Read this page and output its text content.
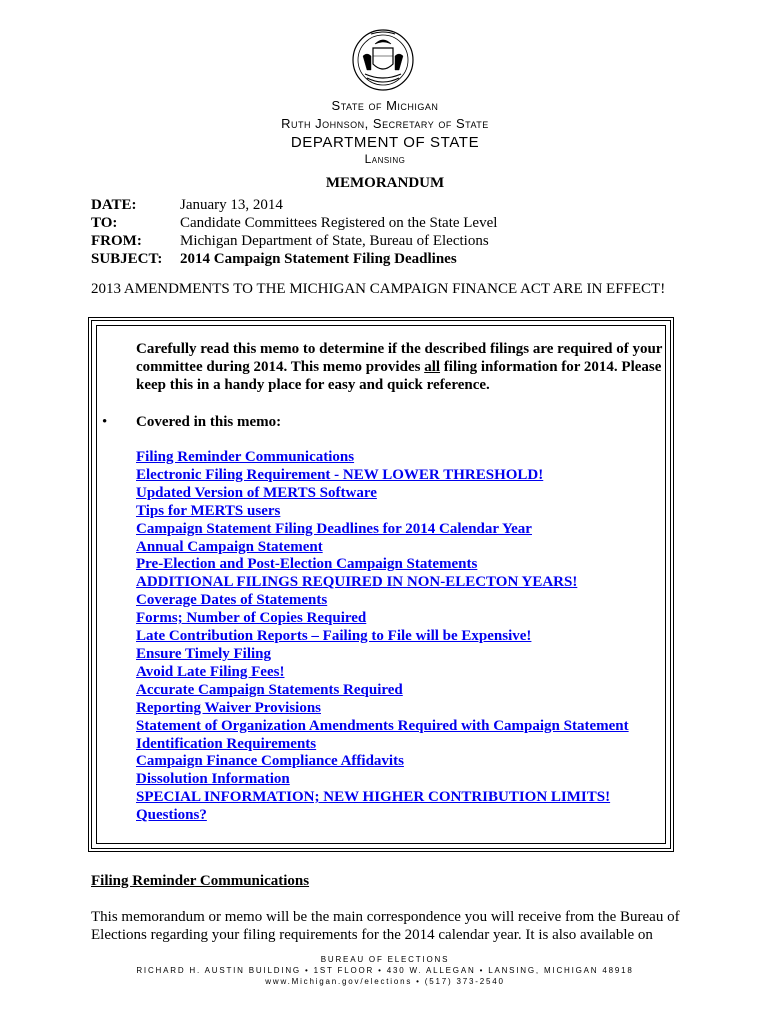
State of Michigan
Ruth Johnson, Secretary of State
DEPARTMENT OF STATE
Lansing
MEMORANDUM
DATE:	January 13, 2014
TO:	Candidate Committees Registered on the State Level
FROM:	Michigan Department of State, Bureau of Elections
SUBJECT: 2014 Campaign Statement Filing Deadlines
2013 AMENDMENTS TO THE MICHIGAN CAMPAIGN FINANCE ACT ARE IN EFFECT!
Carefully read this memo to determine if the described filings are required of your committee during 2014. This memo provides all filing information for 2014. Please keep this in a handy place for easy and quick reference.
• Covered in this memo:
Filing Reminder Communications
Electronic Filing Requirement - NEW LOWER THRESHOLD!
Updated Version of MERTS Software
Tips for MERTS users
Campaign Statement Filing Deadlines for 2014 Calendar Year
Annual Campaign Statement
Pre-Election and Post-Election Campaign Statements
ADDITIONAL FILINGS REQUIRED IN NON-ELECTON YEARS!
Coverage Dates of Statements
Forms; Number of Copies Required
Late Contribution Reports – Failing to File will be Expensive!
Ensure Timely Filing
Avoid Late Filing Fees!
Accurate Campaign Statements Required
Reporting Waiver Provisions
Statement of Organization Amendments Required with Campaign Statement
Identification Requirements
Campaign Finance Compliance Affidavits
Dissolution Information
SPECIAL INFORMATION; NEW HIGHER CONTRIBUTION LIMITS!
Questions?
Filing Reminder Communications
This memorandum or memo will be the main correspondence you will receive from the Bureau of Elections regarding your filing requirements for the 2014 calendar year. It is also available on
BUREAU OF ELECTIONS
RICHARD H. AUSTIN BUILDING • 1ST FLOOR • 430 W. ALLEGAN • LANSING, MICHIGAN 48918
www.Michigan.gov/elections • (517) 373-2540
